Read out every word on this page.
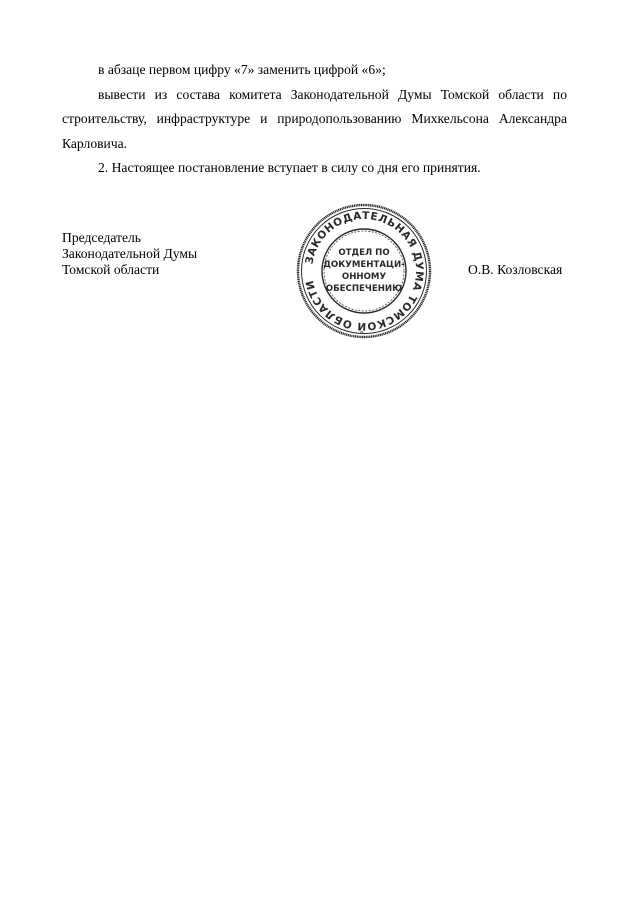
в абзаце первом цифру «7» заменить цифрой «6»;

вывести из состава комитета Законодательной Думы Томской области по строительству, инфраструктуре и природопользованию Михкельсона Александра Карловича.

2. Настоящее постановление вступает в силу со дня его принятия.

Председатель
Законодательной Думы
Томской области
ЗАКОНОДАТЕЛЬНАЯ ДУМА ТОМСКОЙ ОБЛАСТИ
ОТДЕЛ ПО
ДОКУМЕНТАЦИ-
ОННОМУ
ОБЕСПЕЧЕНИЮ
О.В. Козловская
